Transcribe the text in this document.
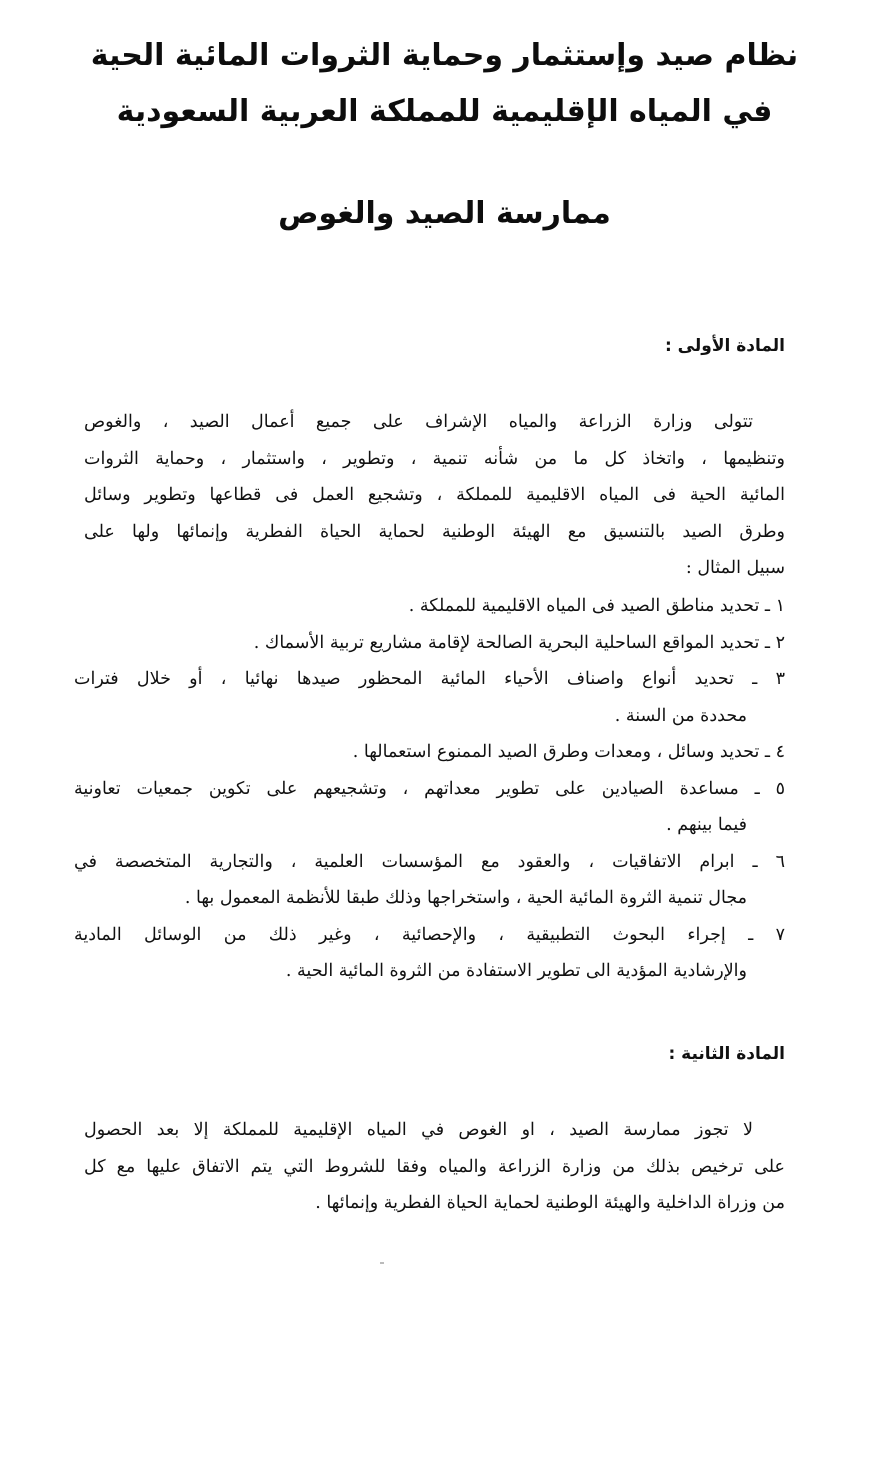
نظام صيد وإستثمار وحماية الثروات المائية الحية
في المياه الإقليمية للمملكة العربية السعودية
ممارسة الصيد والغوص
المادة الأولى :
تتولى وزارة الزراعة والمياه الإشراف على جميع أعمال الصيد ، والغوص
وتنظيمها ، واتخاذ كل ما من شأنه تنمية ، وتطوير ، واستثمار ، وحماية الثروات
المائية الحية فى المياه الاقليمية للمملكة ، وتشجيع العمل فى قطاعها وتطوير وسائل
وطرق الصيد بالتنسيق مع الهيئة الوطنية لحماية الحياة الفطرية وإنمائها ولها على
سبيل المثال :
١ ـ تحديد مناطق الصيد فى المياه الاقليمية للمملكة .
٢ ـ تحديد المواقع الساحلية البحرية الصالحة لإقامة مشاريع تربية الأسماك .
٣ ـ تحديد أنواع واصناف الأحياء المائية المحظور صيدها نهائيا ، أو خلال فترات
محددة من السنة .
٤ ـ تحديد وسائل ، ومعدات وطرق الصيد الممنوع استعمالها .
٥ ـ مساعدة الصيادين على تطوير معداتهم ، وتشجيعهم على تكوين جمعيات تعاونية
فيما بينهم .
٦ ـ ابرام الاتفاقيات ، والعقود مع المؤسسات العلمية ، والتجارية المتخصصة في
مجال تنمية الثروة المائية الحية ، واستخراجها وذلك طبقا للأنظمة المعمول بها .
٧ ـ إجراء البحوث التطبيقية ، والإحصائية ، وغير ذلك من الوسائل المادية
والإرشادية المؤدية الى تطوير الاستفادة من الثروة المائية الحية .
المادة الثانية :
لا تجوز ممارسة الصيد ، او الغوص في المياه الإقليمية للمملكة إلا بعد الحصول
على ترخيص بذلك من وزارة الزراعة والمياه وفقا للشروط التي يتم الاتفاق عليها مع كل
من وزراة الداخلية والهيئة الوطنية لحماية الحياة الفطرية وإنمائها .
